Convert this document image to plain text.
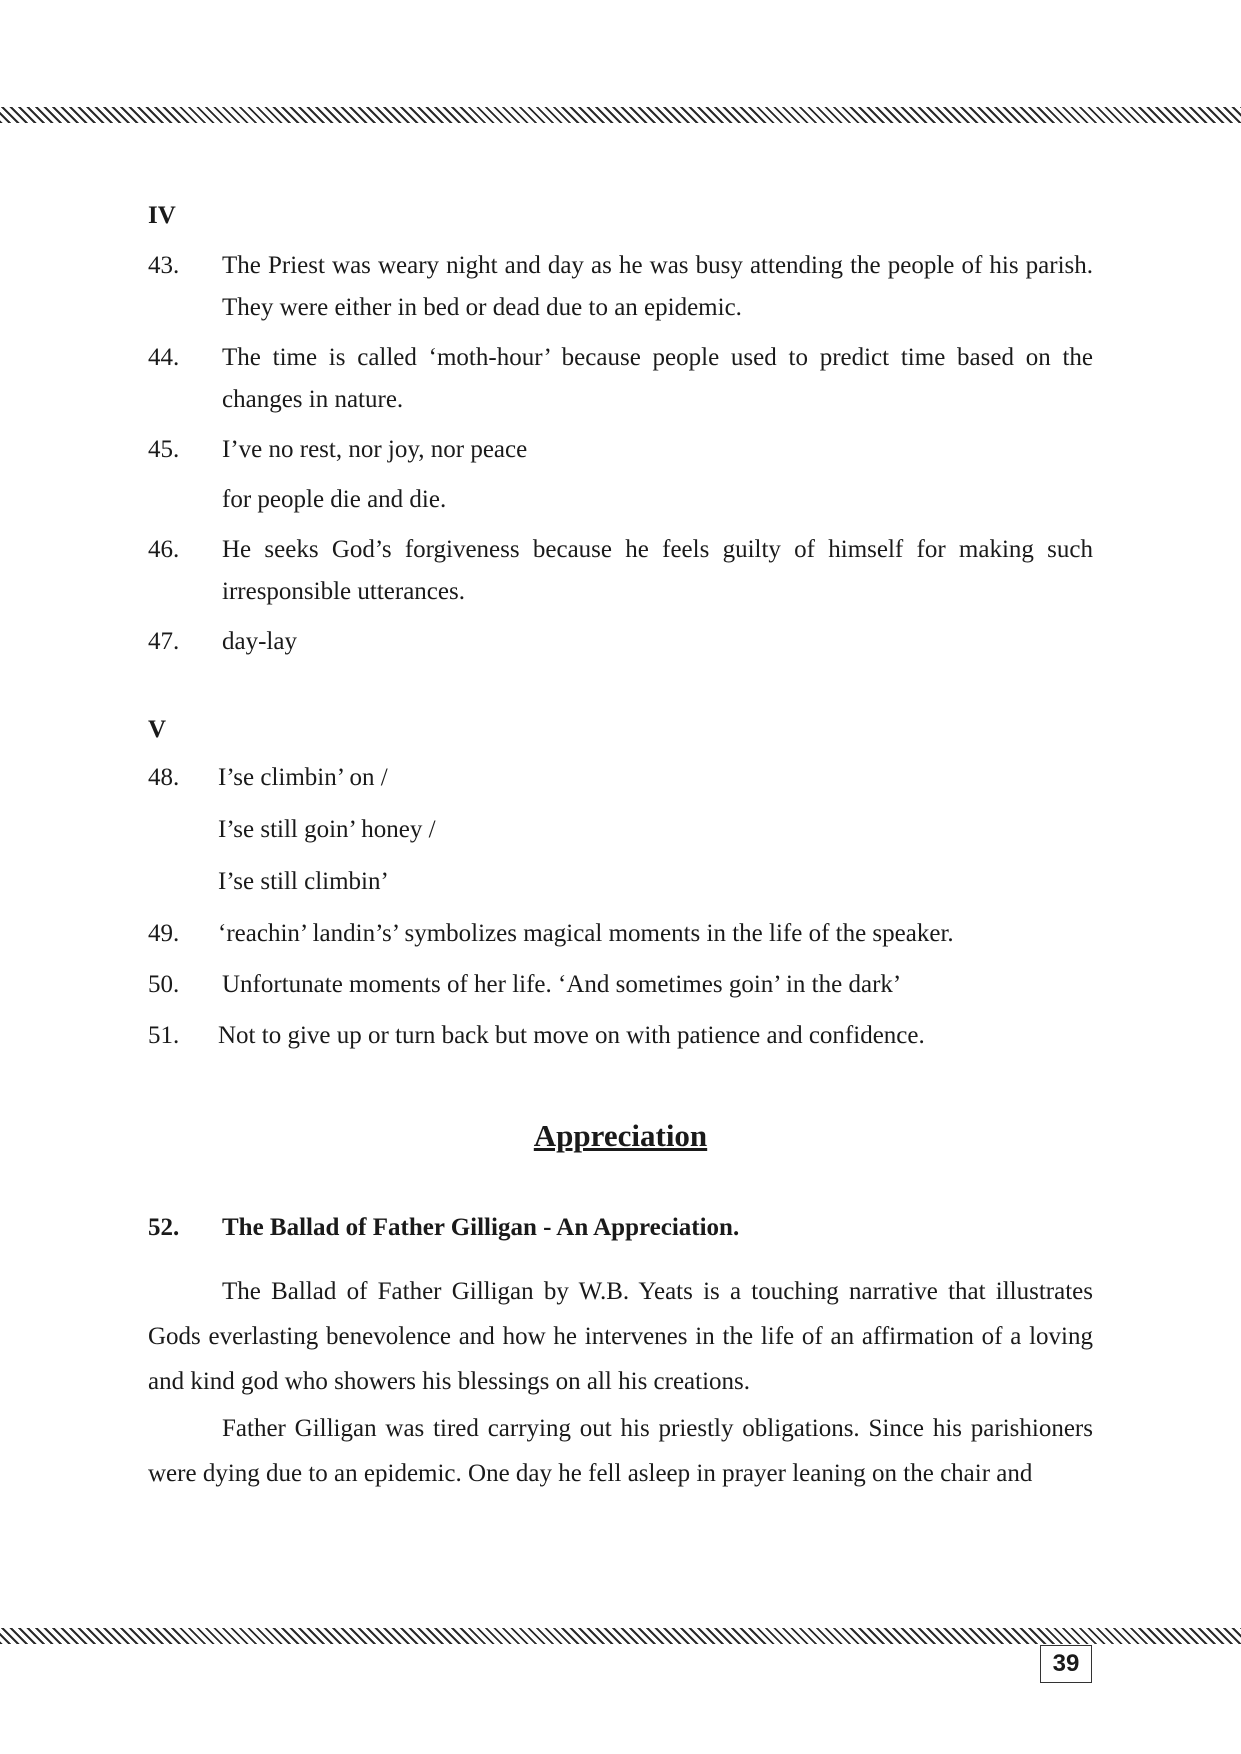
IV

43.	The Priest was weary night and day as he was busy attending the people of his parish. They were either in bed or dead due to an epidemic.
44.	The time is called ‘moth-hour’ because people used to predict time based on the changes in nature.
45.	I’ve no rest, nor joy, nor peace
for people die and die.
46.	He seeks God’s forgiveness because he feels guilty of himself for making such irresponsible utterances.
47.	day-lay

V

48.	I’se climbin’ on /
I’se still goin’ honey /
I’se still climbin’
49.	‘reachin’ landin’s’ symbolizes magical moments in the life of the speaker.
50.	Unfortunate moments of her life. ‘And sometimes goin’ in the dark’
51.	Not to give up or turn back but move on with patience and confidence.

Appreciation

52.	The Ballad of Father Gilligan - An Appreciation.

The Ballad of Father Gilligan by W.B. Yeats is a touching narrative that illustrates Gods everlasting benevolence and how he intervenes in the life of an affirmation of a loving and kind god who showers his blessings on all his creations.

Father Gilligan was tired carrying out his priestly obligations. Since his parishioners were dying due to an epidemic. One day he fell asleep in prayer leaning on the chair and

39
